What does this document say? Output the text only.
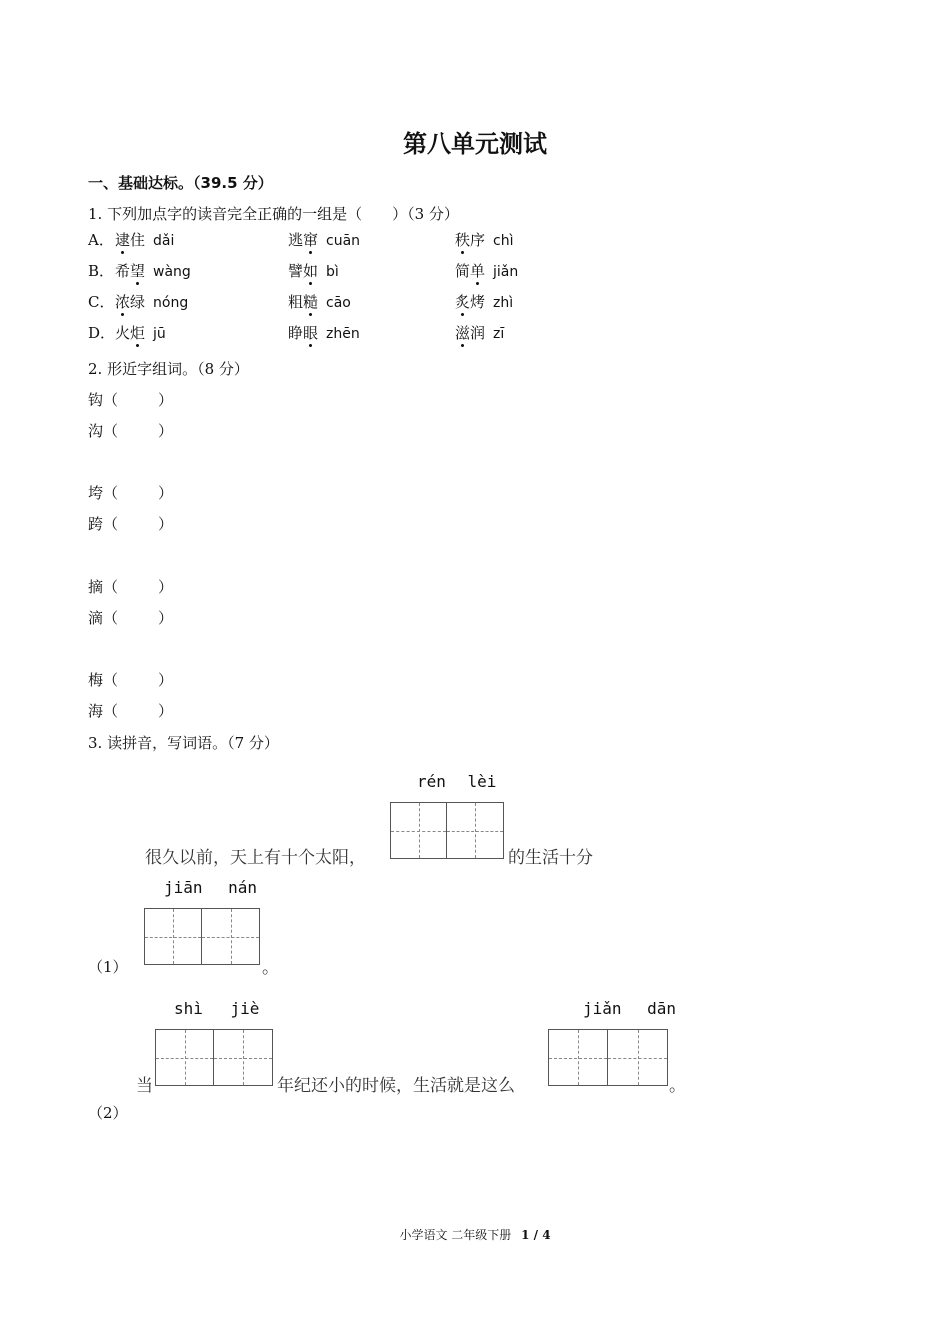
第八单元测试
一、基础达标。（39.5 分）
1. 下列加点字的读音完全正确的一组是（　　）（3 分）
A． 逮住 dǎi	逃窜 cuān	秩序 chì
B． 希望 wàng	譬如 bì	简单 jiǎn
C． 浓绿 nóng	粗糙 cāo	炙烤 zhì
D． 火炬 jū	睁眼 zhēn	滋润 zī
2. 形近字组词。（8 分）
钩（	）
沟（	）
垮（	）
跨（	）
摘（	）
滴（	）
梅（	）
海（	）
3. 读拼音，写词语。（7 分）
rén lèi
很久以前，天上有十个太阳，	的生活十分
jiān nán
。
（1）
shì jiè
当	年纪还小的时候，生活就是这么
jiǎn dān
。
（2）
小学语文 二年级下册 1 / 4
